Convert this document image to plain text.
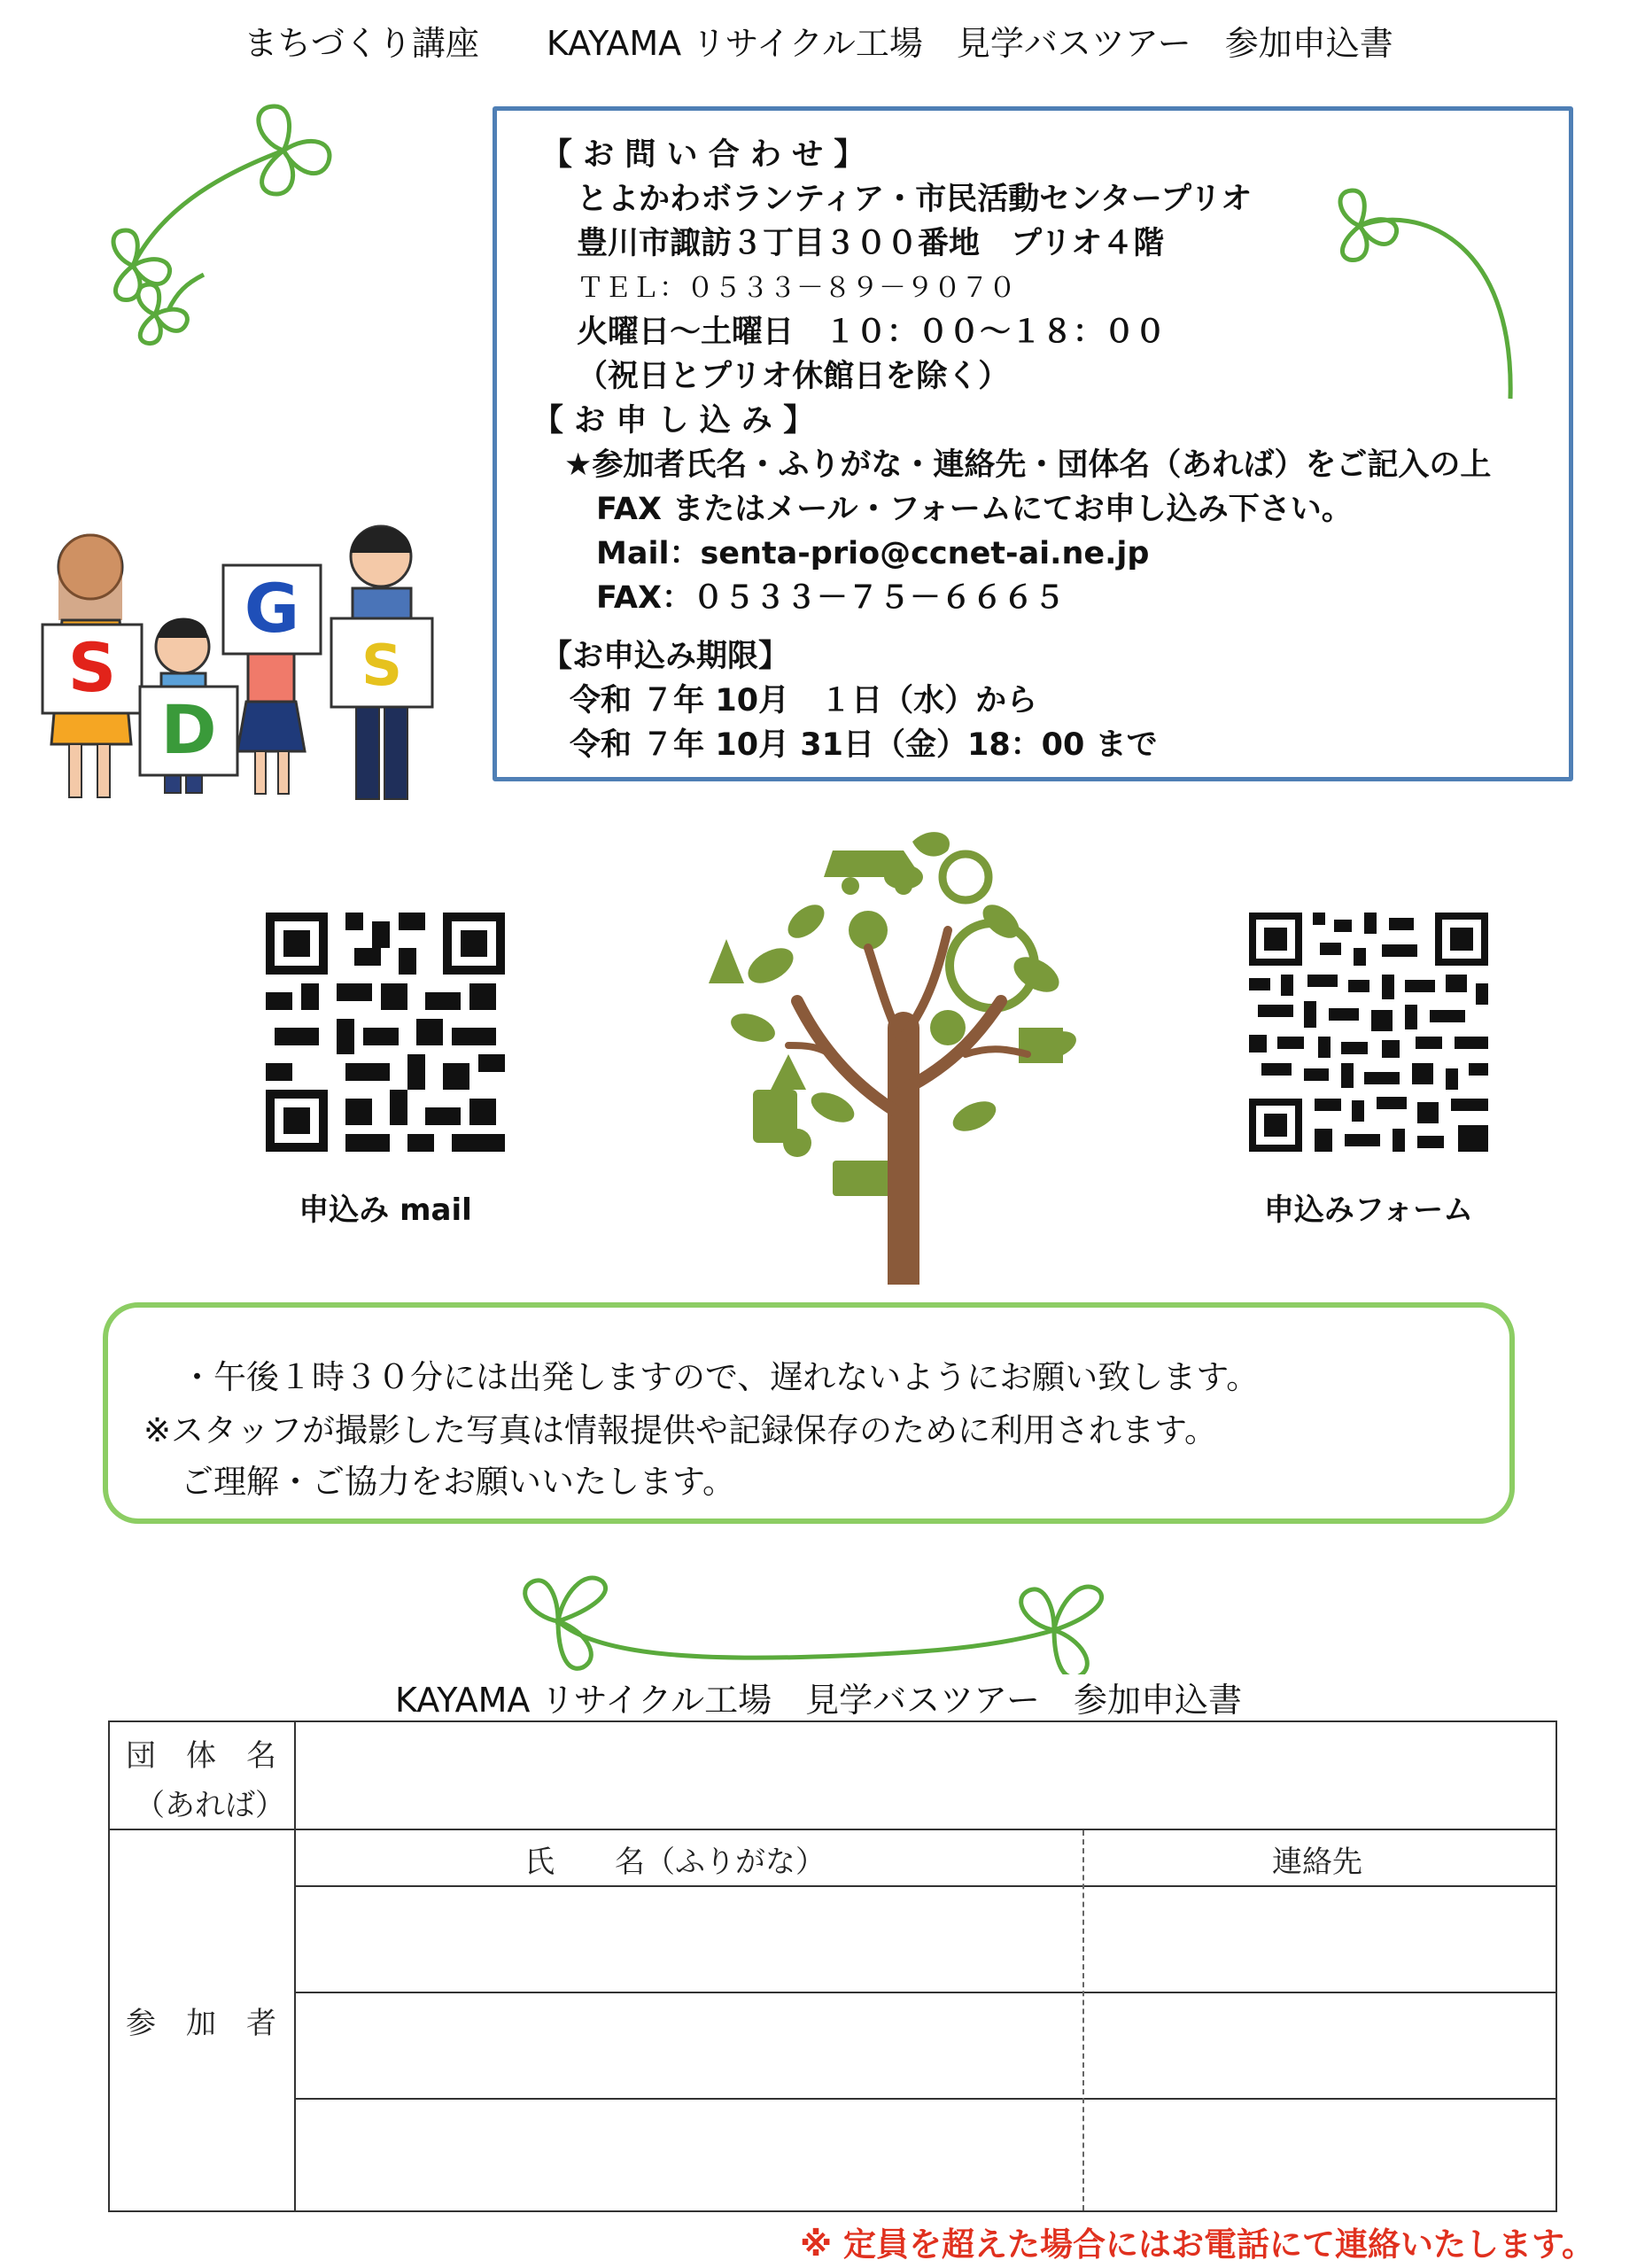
まちづくり講座　　KAYAMA リサイクル工場　見学バスツアー　参加申込書
【 お 問 い 合 わ せ 】
とよかわボランティア・市民活動センタープリオ
豊川市諏訪３丁目３００番地　プリオ４階
ＴＥＬ：０５３３－８９－９０７０
火曜日～土曜日　１０：００～１８：００
（祝日とプリオ休館日を除く）
【 お 申 し 込 み 】
★参加者氏名・ふりがな・連絡先・団体名（あれば）をご記入の上
FAX またはメール・フォームにてお申し込み下さい。
Mail：senta-prio@ccnet-ai.ne.jp
FAX：０５３３－７５－６６６５
【お申込み期限】
令和 ７年 10月　１日（水）から
令和 ７年 10月 31日（金）18：00 まで
S
D
G
S
申込み mail	申込みフォーム
・午後１時３０分には出発しますので、遅れないようにお願い致します。
※スタッフが撮影した写真は情報提供や記録保存のために利用されます。
ご理解・ご協力をお願いいたします。
KAYAMA リサイクル工場　見学バスツアー　参加申込書
団　体　名
（あれば）
参　加　者
氏　　名（ふりがな）	連絡先
※ 定員を超えた場合にはお電話にて連絡いたします。
